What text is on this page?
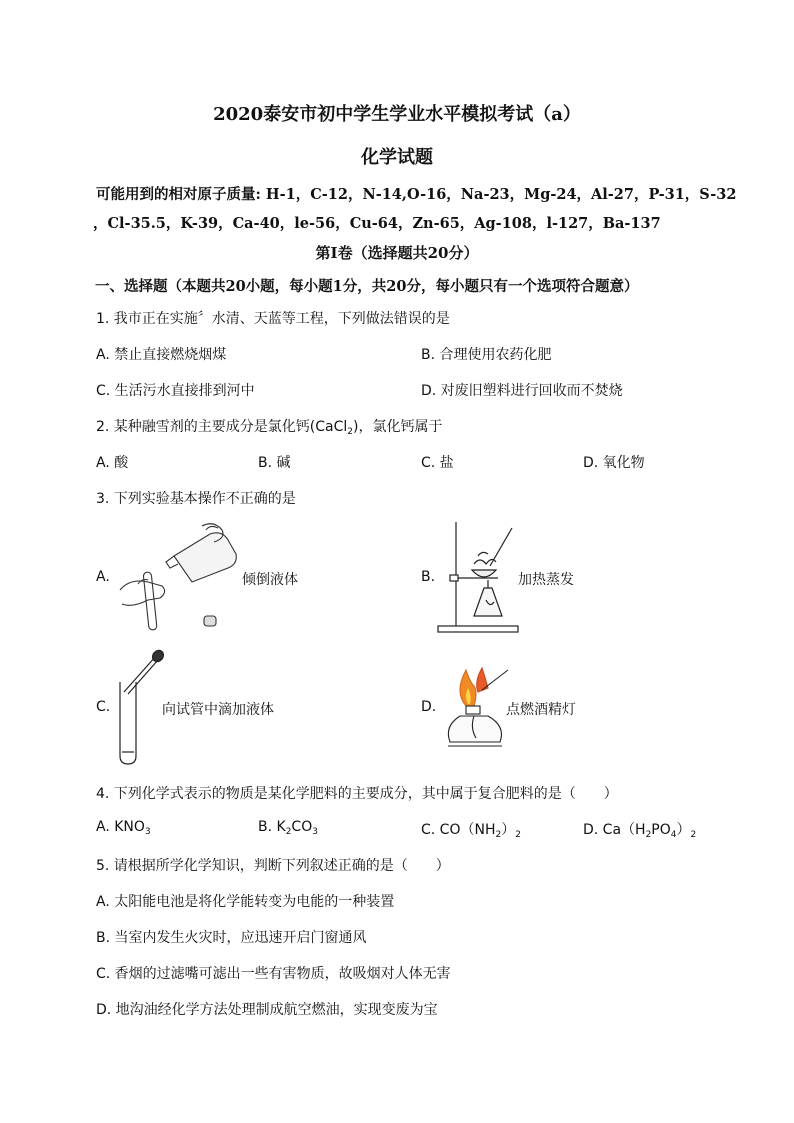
2020泰安市初中学生学业水平模拟考试（a）
化学试题
可能用到的相对原子质量: H-1，C-12，N-14,O-16，Na-23，Mg-24，Al-27，P-31，S-32
，Cl-35.5，K-39，Ca-40，le-56，Cu-64，Zn-65，Ag-108，l-127，Ba-137
第Ⅰ卷（选择题共20分）
一、选择题（本题共20小题，每小题1分，共20分，每小题只有一个选项符合题意）
1. 我市正在实施〞水清、天蓝等工程，下列做法错误的是
A. 禁止直接燃烧烟煤	B. 合理使用农药化肥
C. 生活污水直接排到河中	D. 对废旧塑料进行回收而不焚烧
2. 某种融雪剂的主要成分是氯化钙(CaCl$_2$)，氯化钙属于
A. 酸	B. 碱	C. 盐	D. 氧化物
3. 下列实验基本操作不正确的是
A.	倾倒液体	B.	加热蒸发
C.	向试管中滴加液体	D.	点燃酒精灯
4. 下列化学式表示的物质是某化学肥料的主要成分，其中属于复合肥料的是（　　）
A. $KNO_3$	B. $K_2CO_3$	C. $CO(NH_2)_2$	D. $Ca(H_2PO_4)_2$
5. 请根据所学化学知识，判断下列叙述正确的是（　　）
A. 太阳能电池是将化学能转变为电能的一种装置
B. 当室内发生火灾时，应迅速开启门窗通风
C. 香烟的过滤嘴可滤出一些有害物质，故吸烟对人体无害
D. 地沟油经化学方法处理制成航空燃油，实现变废为宝
